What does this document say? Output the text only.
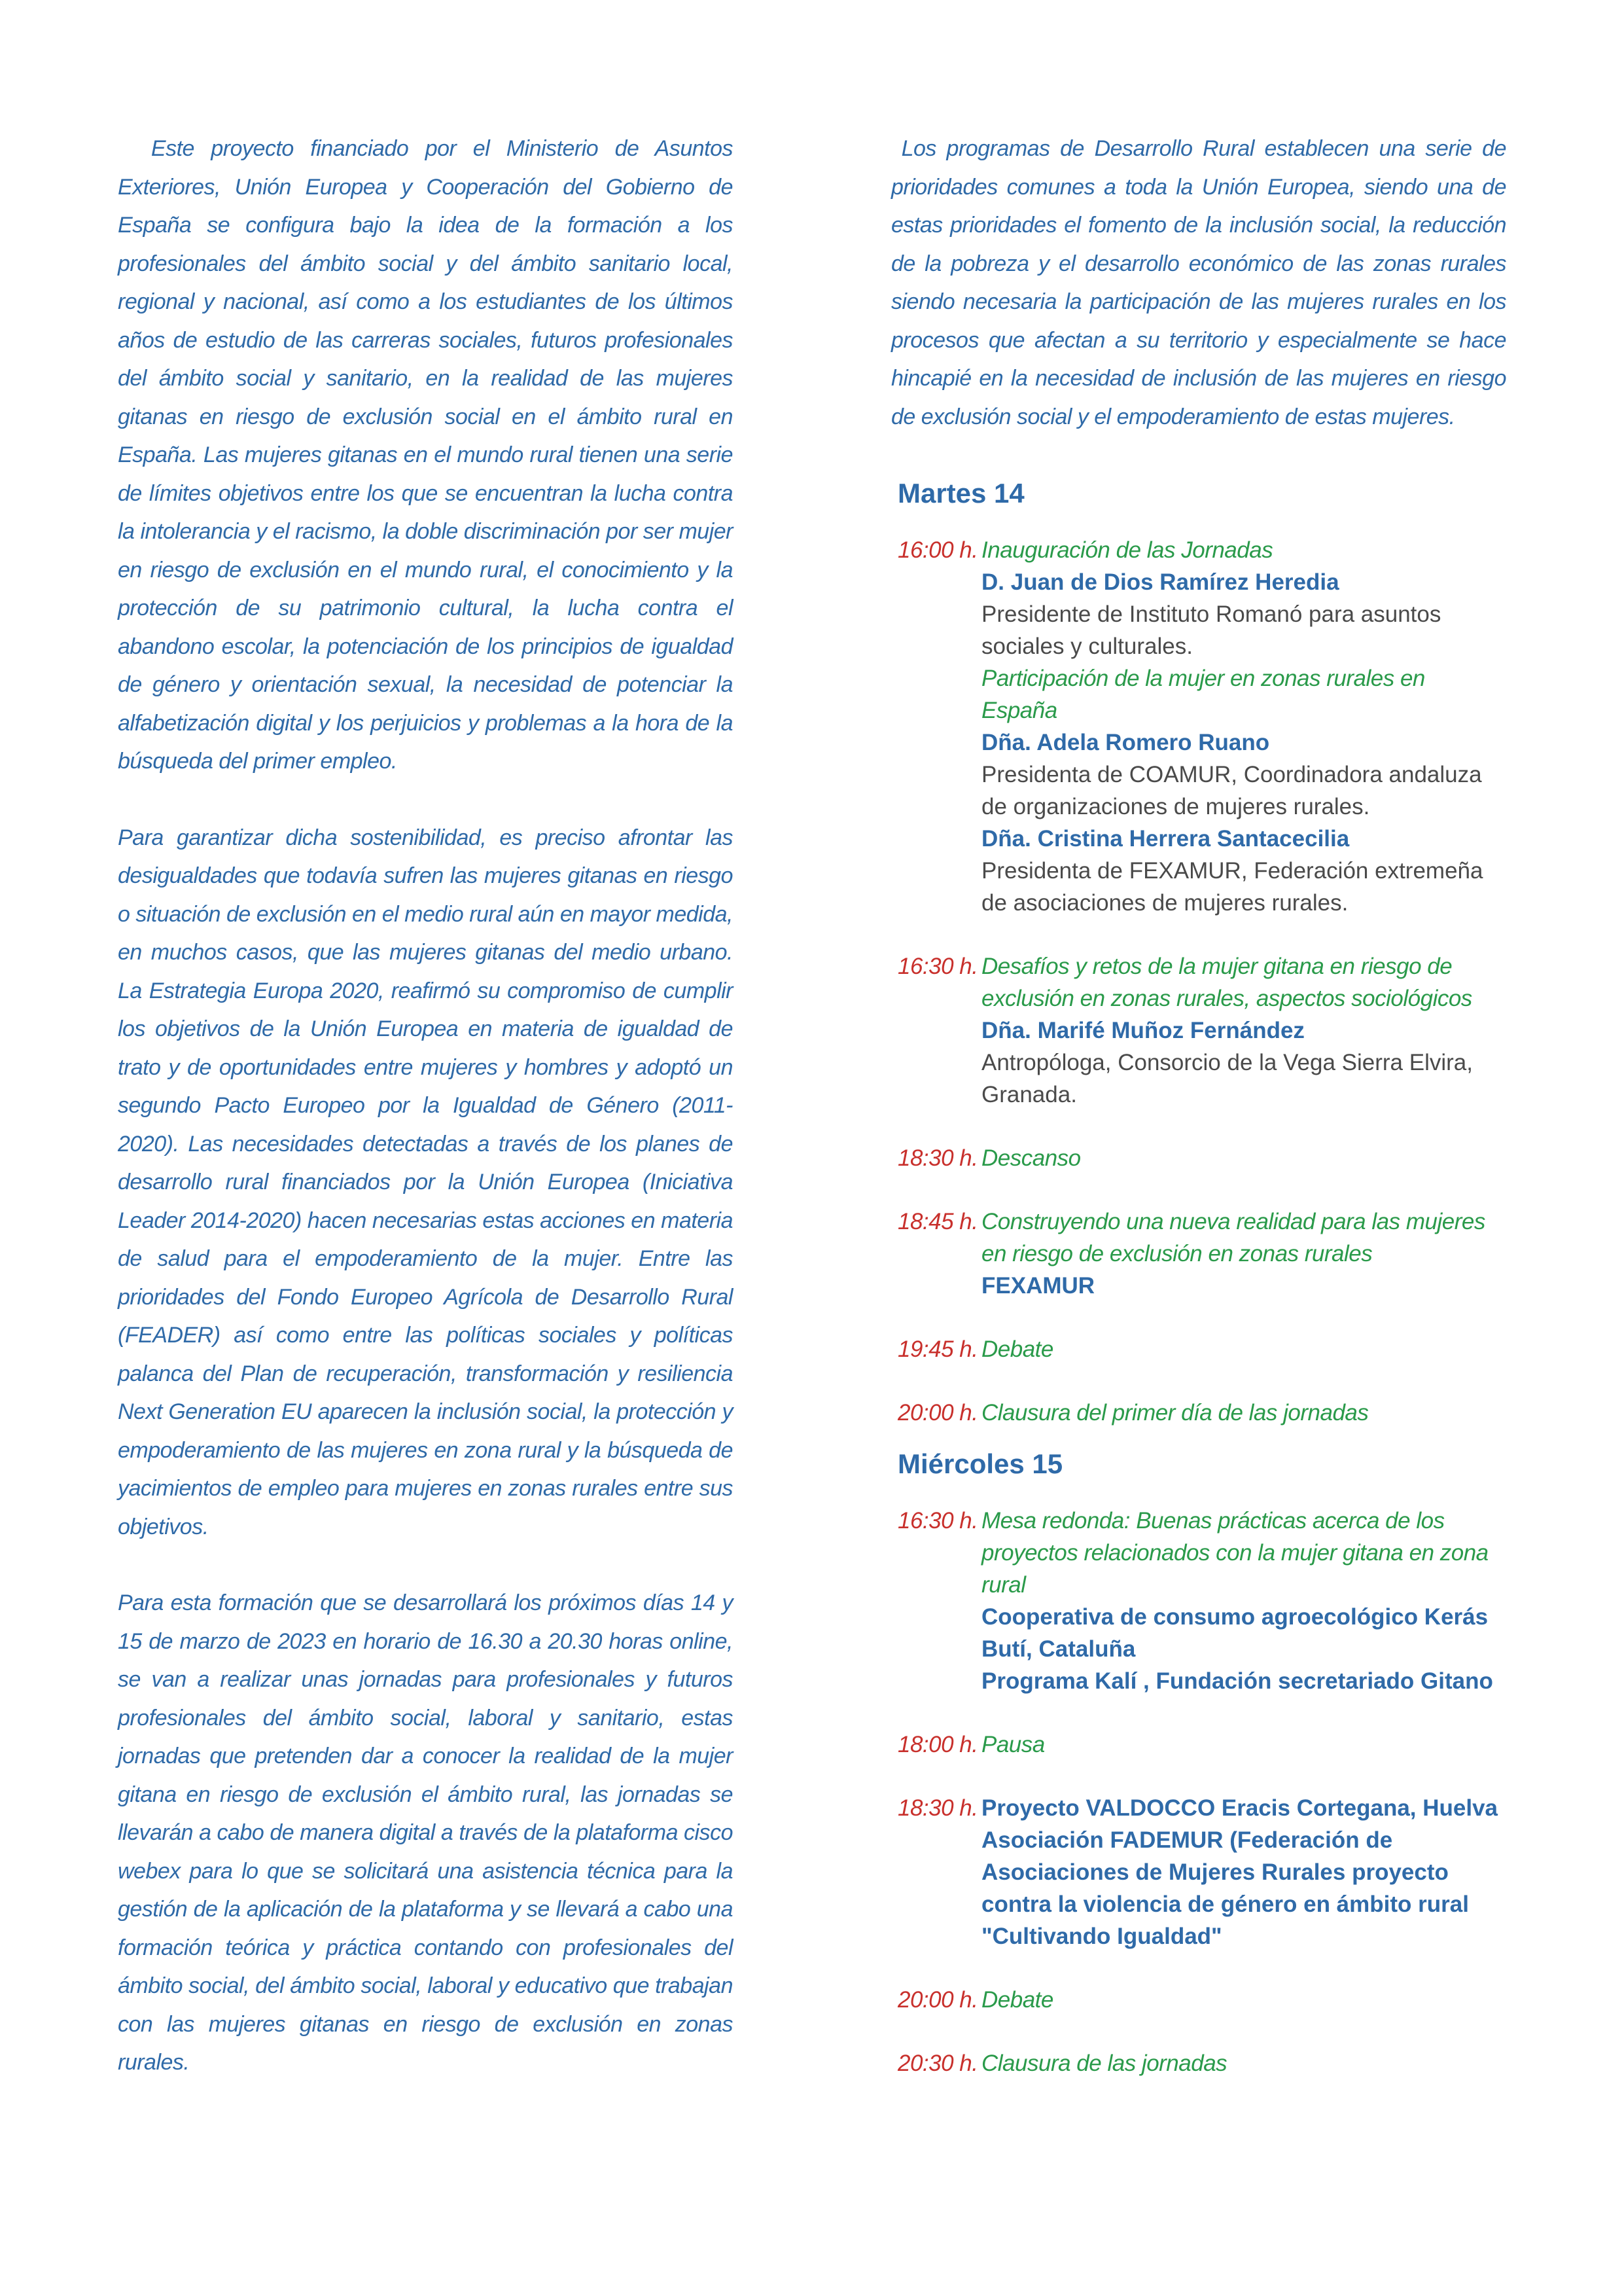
Este proyecto financiado por el Ministerio de Asuntos Exteriores, Unión Europea y Cooperación del Gobierno de España se configura bajo la idea de la formación a los profesionales del ámbito social y del ámbito sanitario local, regional y nacional, así como a los estudiantes de los últimos años de estudio de las carreras sociales, futuros profesionales del ámbito social y sanitario, en la realidad de las mujeres gitanas en riesgo de exclusión social en el ámbito rural en España. Las mujeres gitanas en el mundo rural tienen una serie de límites objetivos entre los que se encuentran la lucha contra la intolerancia y el racismo, la doble discriminación por ser mujer en riesgo de exclusión en el mundo rural, el conocimiento y la protección de su patrimonio cultural, la lucha contra el abandono escolar, la potenciación de los principios de igualdad de género y orientación sexual, la necesidad de potenciar la alfabetización digital y los perjuicios y problemas a la hora de la búsqueda del primer empleo.

Para garantizar dicha sostenibilidad, es preciso afrontar las desigualdades que todavía sufren las mujeres gitanas en riesgo o situación de exclusión en el medio rural aún en mayor medida, en muchos casos, que las mujeres gitanas del medio urbano. La Estrategia Europa 2020, reafirmó su compromiso de cumplir los objetivos de la Unión Europea en materia de igualdad de trato y de oportunidades entre mujeres y hombres y adoptó un segundo Pacto Europeo por la Igualdad de Género (2011-2020). Las necesidades detectadas a través de los planes de desarrollo rural financiados por la Unión Europea (Iniciativa Leader 2014-2020) hacen necesarias estas acciones en materia de salud para el empoderamiento de la mujer. Entre las prioridades del Fondo Europeo Agrícola de Desarrollo Rural (FEADER) así como entre las políticas sociales y políticas palanca del Plan de recuperación, transformación y resiliencia Next Generation EU aparecen la inclusión social, la protección y empoderamiento de las mujeres en zona rural y la búsqueda de yacimientos de empleo para mujeres en zonas rurales entre sus objetivos.

Para esta formación que se desarrollará los próximos días 14 y 15 de marzo de 2023 en horario de 16.30 a 20.30 horas online, se van a realizar unas jornadas para profesionales y futuros profesionales del ámbito social, laboral y sanitario, estas jornadas que pretenden dar a conocer la realidad de la mujer gitana en riesgo de exclusión el ámbito rural, las jornadas se llevarán a cabo de manera digital a través de la plataforma cisco webex para lo que se solicitará una asistencia técnica para la gestión de la aplicación de la plataforma y se llevará a cabo una formación teórica y práctica contando con profesionales del ámbito social, del ámbito social, laboral y educativo que trabajan con las mujeres gitanas en riesgo de exclusión en zonas rurales.

Los programas de Desarrollo Rural establecen una serie de prioridades comunes a toda la Unión Europea, siendo una de estas prioridades el fomento de la inclusión social, la reducción de la pobreza y el desarrollo económico de las zonas rurales siendo necesaria la participación de las mujeres rurales en los procesos que afectan a su territorio y especialmente se hace hincapié en la necesidad de inclusión de las mujeres en riesgo de exclusión social y el empoderamiento de estas mujeres.

Martes 14
16:00 h. Inauguración de las Jornadas
D. Juan de Dios Ramírez Heredia
Presidente de Instituto Romanó para asuntos sociales y culturales.
Participación de la mujer en zonas rurales en España
Dña. Adela Romero Ruano
Presidenta de COAMUR, Coordinadora andaluza de organizaciones de mujeres rurales.
Dña. Cristina Herrera Santacecilia
Presidenta de FEXAMUR, Federación extremeña de asociaciones de mujeres rurales.
16:30 h. Desafíos y retos de la mujer gitana en riesgo de exclusión en zonas rurales, aspectos sociológicos
Dña. Marifé Muñoz Fernández
Antropóloga, Consorcio de la Vega Sierra Elvira, Granada.
18:30 h. Descanso
18:45 h. Construyendo una nueva realidad para las mujeres en riesgo de exclusión en zonas rurales
FEXAMUR
19:45 h. Debate
20:00 h. Clausura del primer día de las jornadas
Miércoles 15
16:30 h. Mesa redonda: Buenas prácticas acerca de los proyectos relacionados con la mujer gitana en zona rural
Cooperativa de consumo agroecológico Kerás Butí, Cataluña
Programa Kalí , Fundación secretariado Gitano
18:00 h. Pausa
18:30 h. Proyecto VALDOCCO Eracis Cortegana, Huelva
Asociación FADEMUR (Federación de Asociaciones de Mujeres Rurales proyecto contra la violencia de género en ámbito rural "Cultivando Igualdad"
20:00 h. Debate
20:30 h. Clausura de las jornadas
